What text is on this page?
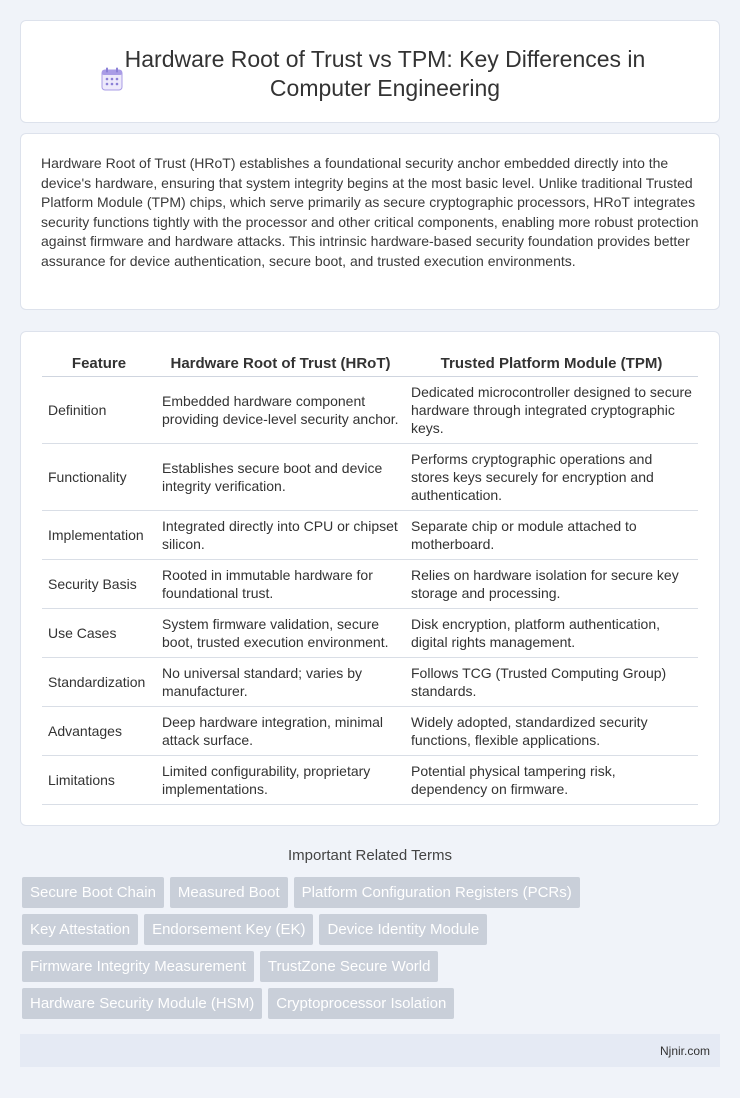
Hardware Root of Trust vs TPM: Key Differences in Computer Engineering

Hardware Root of Trust (HRoT) establishes a foundational security anchor embedded directly into the device's hardware, ensuring that system integrity begins at the most basic level. Unlike traditional Trusted Platform Module (TPM) chips, which serve primarily as secure cryptographic processors, HRoT integrates security functions tightly with the processor and other critical components, enabling more robust protection against firmware and hardware attacks. This intrinsic hardware-based security foundation provides better assurance for device authentication, secure boot, and trusted execution environments.

Feature	Hardware Root of Trust (HRoT)	Trusted Platform Module (TPM)
Definition	Embedded hardware component providing device-level security anchor.	Dedicated microcontroller designed to secure hardware through integrated cryptographic keys.
Functionality	Establishes secure boot and device integrity verification.	Performs cryptographic operations and stores keys securely for encryption and authentication.
Implementation	Integrated directly into CPU or chipset silicon.	Separate chip or module attached to motherboard.
Security Basis	Rooted in immutable hardware for foundational trust.	Relies on hardware isolation for secure key storage and processing.
Use Cases	System firmware validation, secure boot, trusted execution environment.	Disk encryption, platform authentication, digital rights management.
Standardization	No universal standard; varies by manufacturer.	Follows TCG (Trusted Computing Group) standards.
Advantages	Deep hardware integration, minimal attack surface.	Widely adopted, standardized security functions, flexible applications.
Limitations	Limited configurability, proprietary implementations.	Potential physical tampering risk, dependency on firmware.
Important Related Terms
Secure Boot Chain	Measured Boot	Platform Configuration Registers (PCRs)
Key Attestation	Endorsement Key (EK)	Device Identity Module
Firmware Integrity Measurement	TrustZone Secure World
Hardware Security Module (HSM)	Cryptoprocessor Isolation
Njnir.com
